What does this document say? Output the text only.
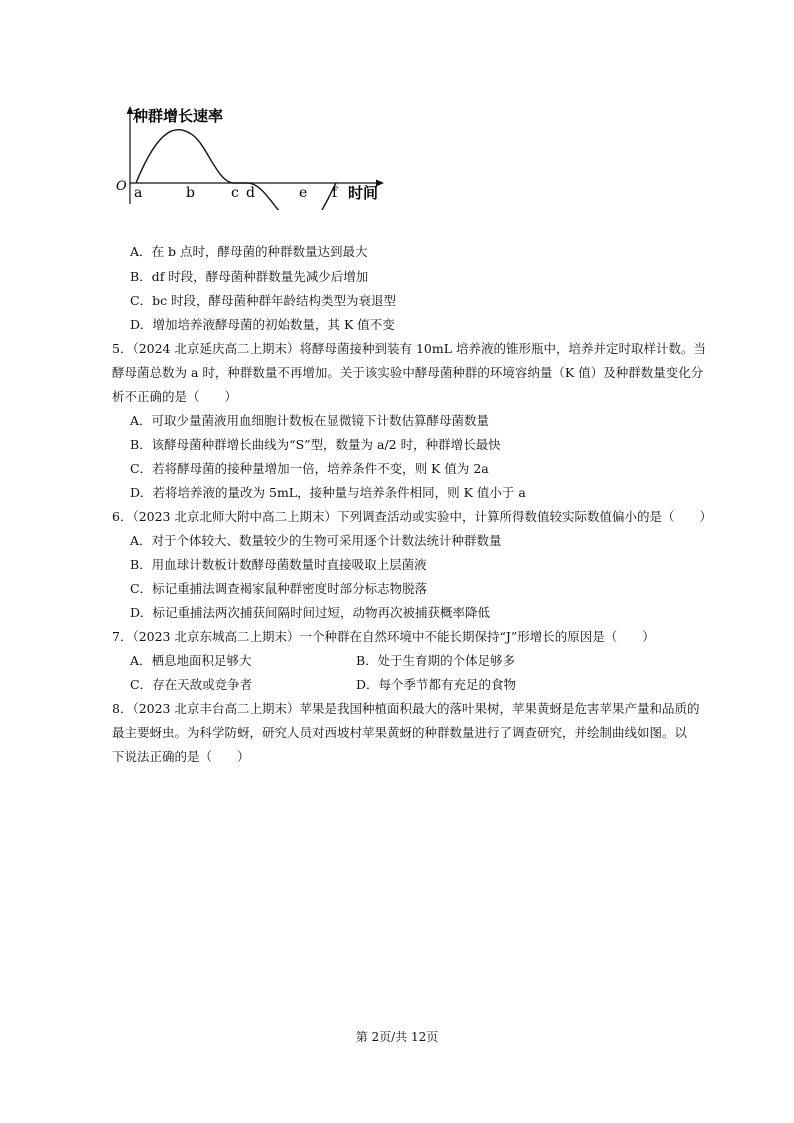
种群增长速率
O a	b	c d	e f 时间
A．在 b 点时，酵母菌的种群数量达到最大
B．df 时段，酵母菌种群数量先减少后增加
C．bc 时段，酵母菌种群年龄结构类型为衰退型
D．增加培养液酵母菌的初始数量，其 K 值不变
5．（2024 北京延庆高二上期末）将酵母菌接种到装有 10mL 培养液的锥形瓶中，培养并定时取样计数。当
酵母菌总数为 a 时，种群数量不再增加。关于该实验中酵母菌种群的环境容纳量（K 值）及种群数量变化分
析不正确的是（　　）
A．可取少量菌液用血细胞计数板在显微镜下计数估算酵母菌数量
B．该酵母菌种群增长曲线为“S”型，数量为 a/2 时，种群增长最快
C．若将酵母菌的接种量增加一倍，培养条件不变，则 K 值为 2a
D．若将培养液的量改为 5mL，接种量与培养条件相同，则 K 值小于 a
6．（2023 北京北师大附中高二上期末）下列调查活动或实验中，计算所得数值较实际数值偏小的是（　　）
A．对于个体较大、数量较少的生物可采用逐个计数法统计种群数量
B．用血球计数板计数酵母菌数量时直接吸取上层菌液
C．标记重捕法调查褐家鼠种群密度时部分标志物脱落
D．标记重捕法两次捕获间隔时间过短，动物再次被捕获概率降低
7．（2023 北京东城高二上期末）一个种群在自然环境中不能长期保持“J”形增长的原因是（　　）
A．栖息地面积足够大	B．处于生育期的个体足够多
C．存在天敌或竞争者	D．每个季节都有充足的食物
8．（2023 北京丰台高二上期末）苹果是我国种植面积最大的落叶果树，苹果黄蚜是危害苹果产量和品质的
最主要蚜虫。为科学防蚜，研究人员对西坡村苹果黄蚜的种群数量进行了调查研究，并绘制曲线如图。以
下说法正确的是（　　）
第 2页/共 12页
